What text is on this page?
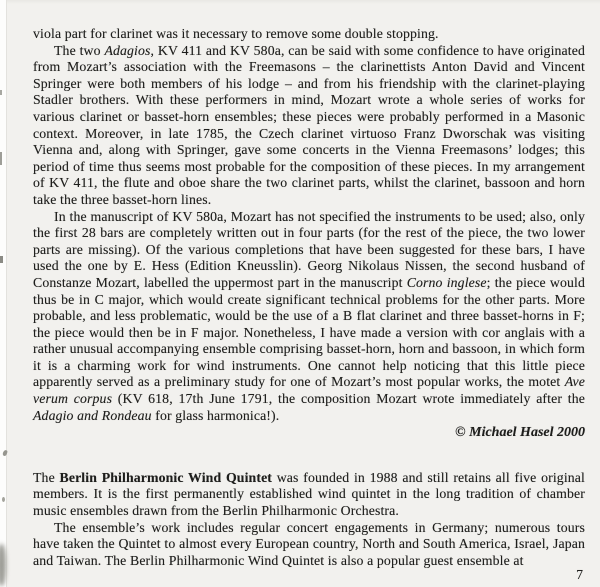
viola part for clarinet was it necessary to remove some double stopping.

The two Adagios, KV 411 and KV 580a, can be said with some confidence to have originated from Mozart’s association with the Freemasons – the clarinettists Anton David and Vincent Springer were both members of his lodge – and from his friendship with the clarinet-playing Stadler brothers. With these performers in mind, Mozart wrote a whole series of works for various clarinet or basset-horn ensembles; these pieces were probably performed in a Masonic context. Moreover, in late 1785, the Czech clarinet virtuoso Franz Dworschak was visiting Vienna and, along with Springer, gave some concerts in the Vienna Freemasons’ lodges; this period of time thus seems most probable for the composition of these pieces. In my arrangement of KV 411, the flute and oboe share the two clarinet parts, whilst the clarinet, bassoon and horn take the three basset-horn lines.

In the manuscript of KV 580a, Mozart has not specified the instruments to be used; also, only the first 28 bars are completely written out in four parts (for the rest of the piece, the two lower parts are missing). Of the various completions that have been suggested for these bars, I have used the one by E. Hess (Edition Kneusslin). Georg Nikolaus Nissen, the second husband of Constanze Mozart, labelled the uppermost part in the manuscript Corno inglese; the piece would thus be in C major, which would create significant technical problems for the other parts. More probable, and less problematic, would be the use of a B flat clarinet and three basset-horns in F; the piece would then be in F major. Nonetheless, I have made a version with cor anglais with a rather unusual accompanying ensemble comprising basset-horn, horn and bassoon, in which form it is a charming work for wind instruments. One cannot help noticing that this little piece apparently served as a preliminary study for one of Mozart’s most popular works, the motet Ave verum corpus (KV 618, 17th June 1791, the composition Mozart wrote immediately after the Adagio and Rondeau for glass harmonica!).

© Michael Hasel 2000

The Berlin Philharmonic Wind Quintet was founded in 1988 and still retains all five original members. It is the first permanently established wind quintet in the long tradition of chamber music ensembles drawn from the Berlin Philharmonic Orchestra.

The ensemble’s work includes regular concert engagements in Germany; numerous tours have taken the Quintet to almost every European country, North and South America, Israel, Japan and Taiwan. The Berlin Philharmonic Wind Quintet is also a popular guest ensemble at

7
